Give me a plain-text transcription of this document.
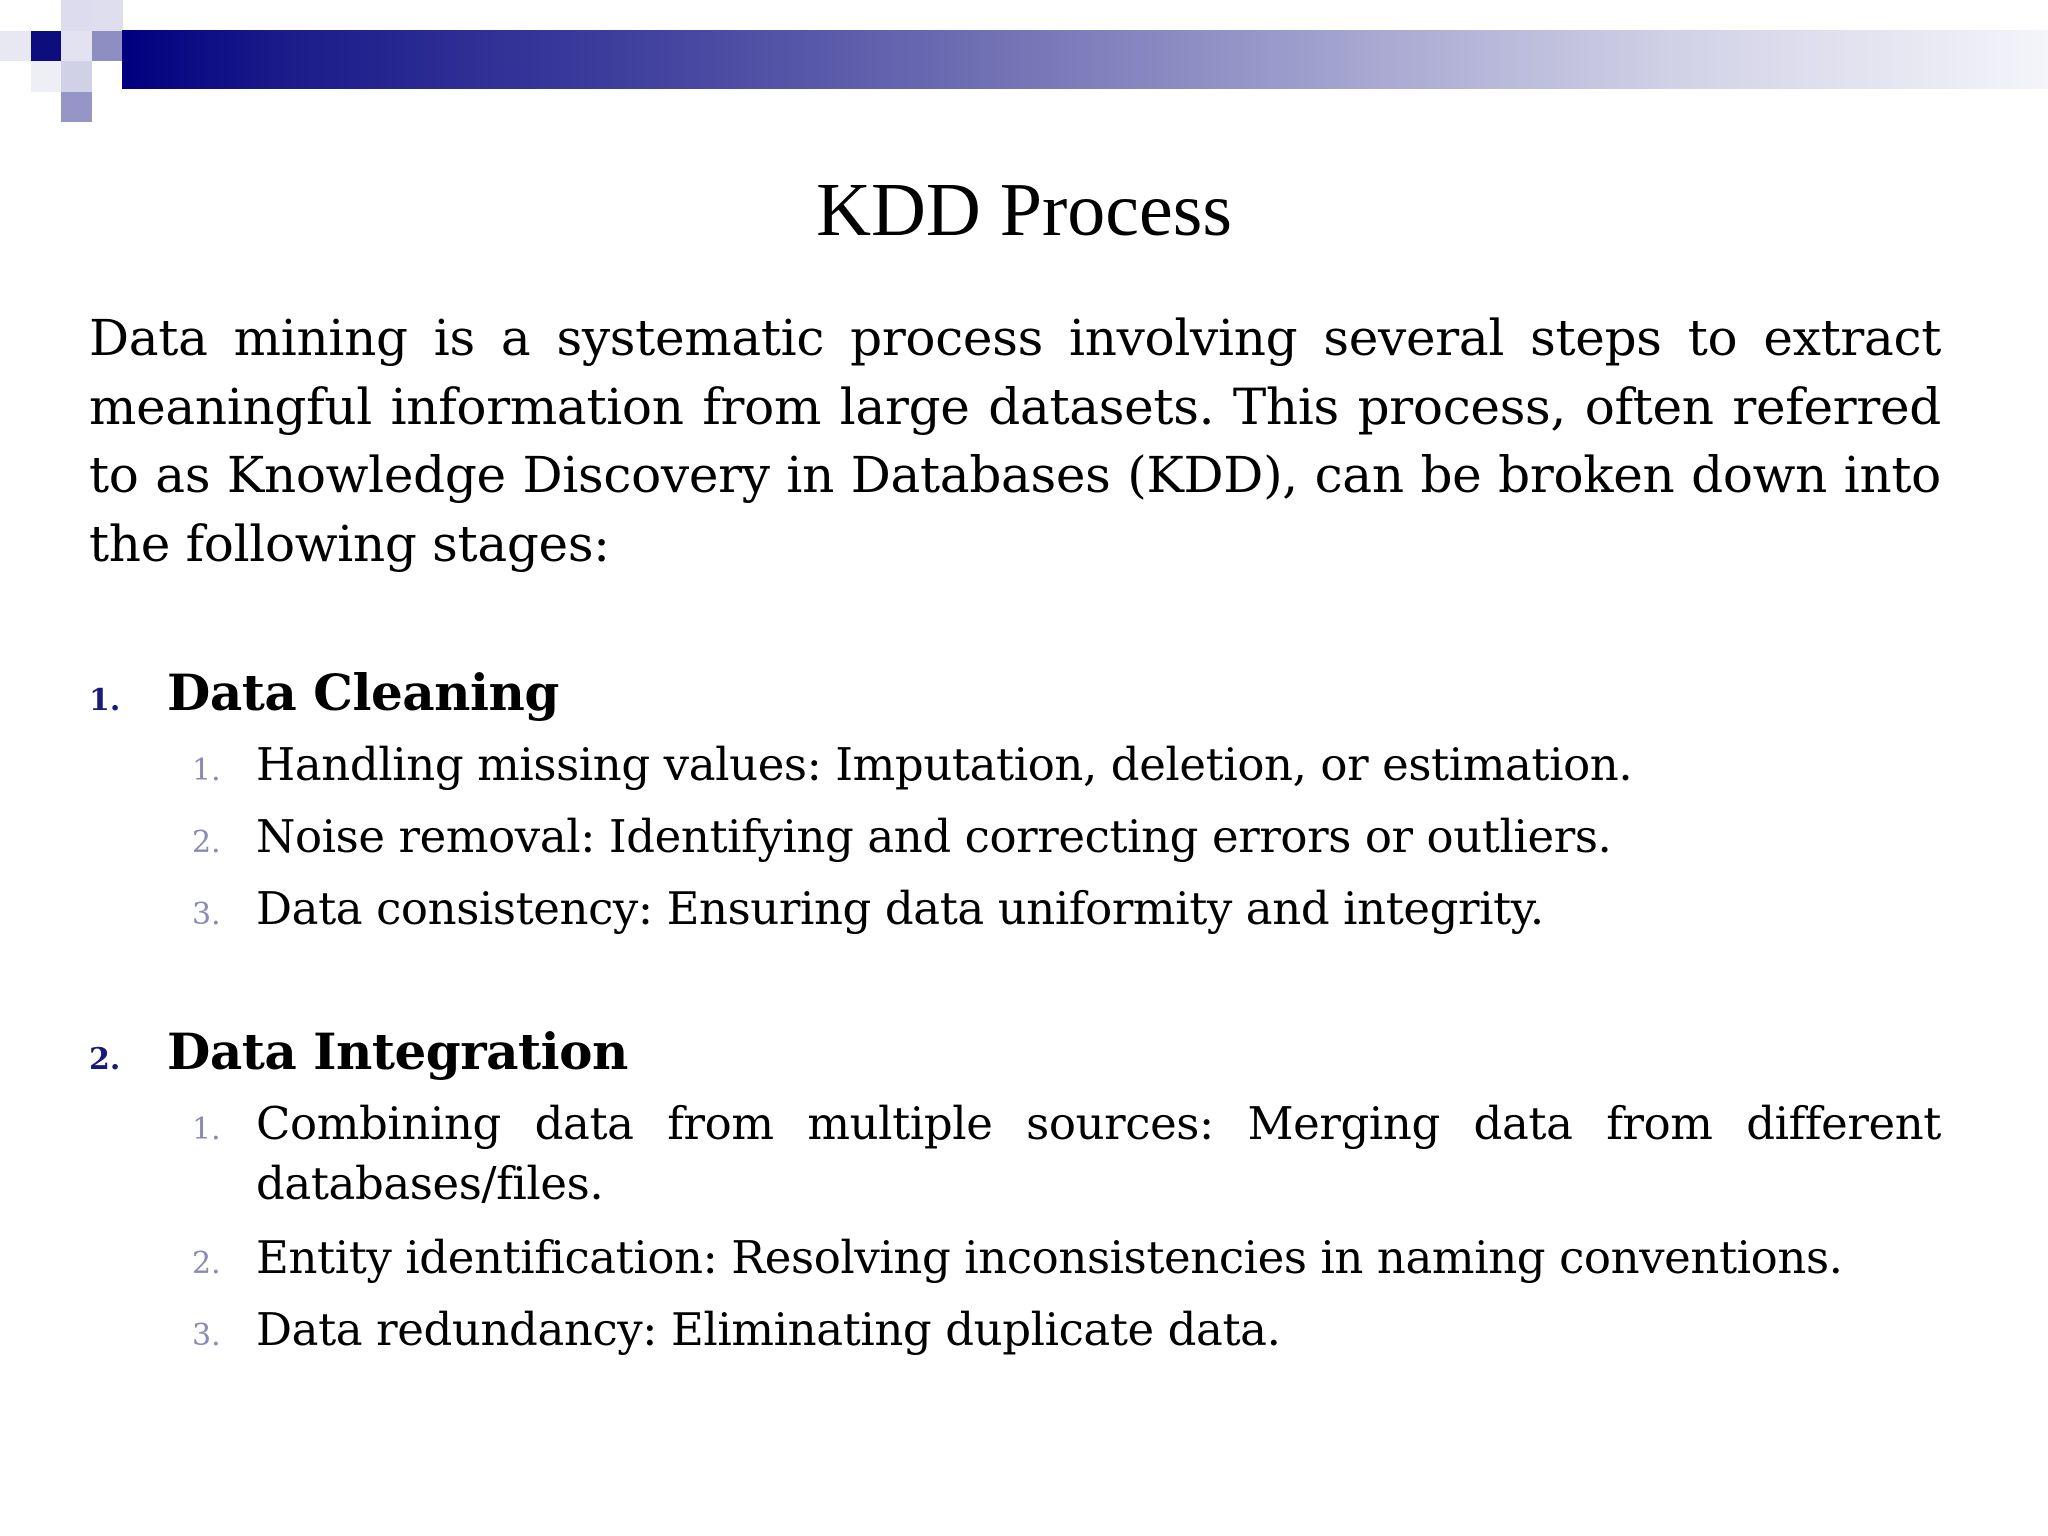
KDD Process
Data mining is a systematic process involving several steps to extract meaningful information from large datasets. This process, often referred to as Knowledge Discovery in Databases (KDD), can be broken down into the following stages:
1. Data Cleaning
1. Handling missing values: Imputation, deletion, or estimation.
2. Noise removal: Identifying and correcting errors or outliers.
3. Data consistency: Ensuring data uniformity and integrity.
2. Data Integration
1. Combining data from multiple sources: Merging data from different databases/files.
2. Entity identification: Resolving inconsistencies in naming conventions.
3. Data redundancy: Eliminating duplicate data.
